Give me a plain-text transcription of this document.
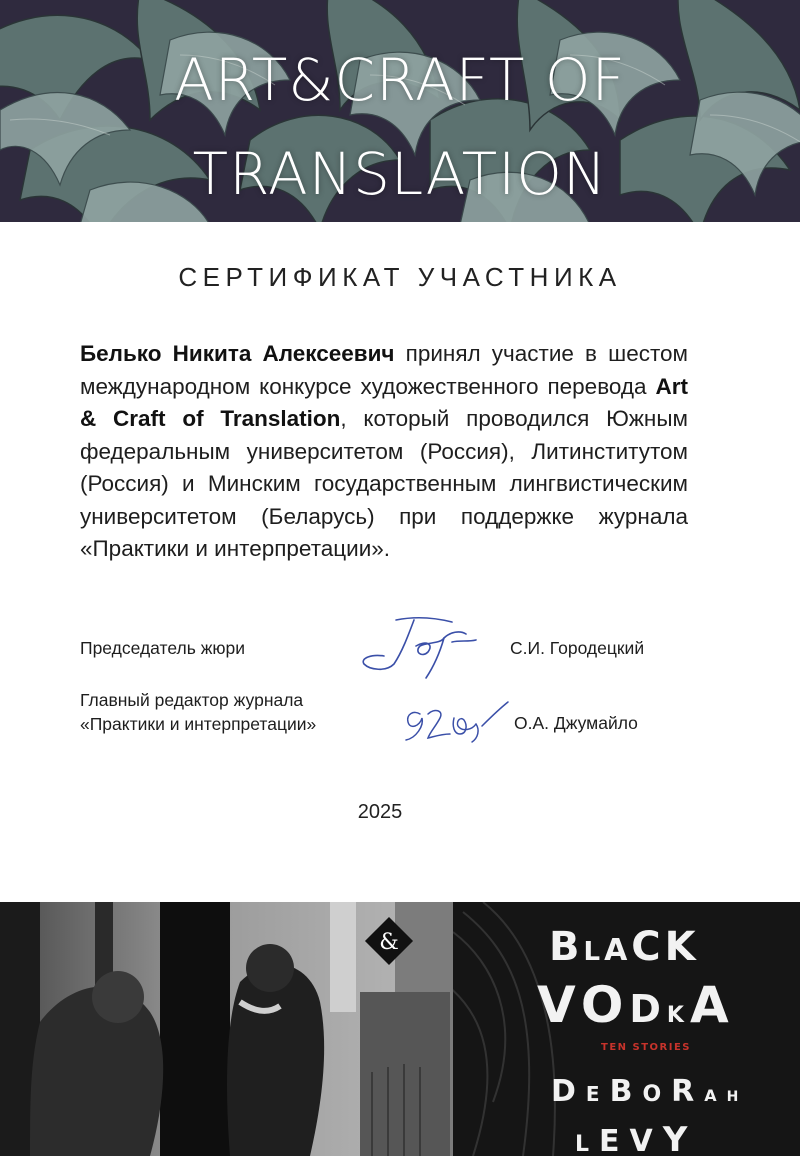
ART&CRAFT OF
TRANSLATION
СЕРТИФИКАТ УЧАСТНИКА

Белько Никита Алексеевич принял участие в шестом международном конкурсе художественного перевода Art & Craft of Translation, который проводился Южным федеральным университетом (Россия), Литинститутом (Россия) и Минским государственным лингвистическим университетом (Беларусь) при поддержке журнала «Практики и интерпретации».

Председатель жюри	С.И. Городецкий
Главный редактор журнала
«Практики и интерпретации»	О.А. Джумайло
2025
&	BLACK
VODKA
TEN STORIES
DEBORAH
LEVY
